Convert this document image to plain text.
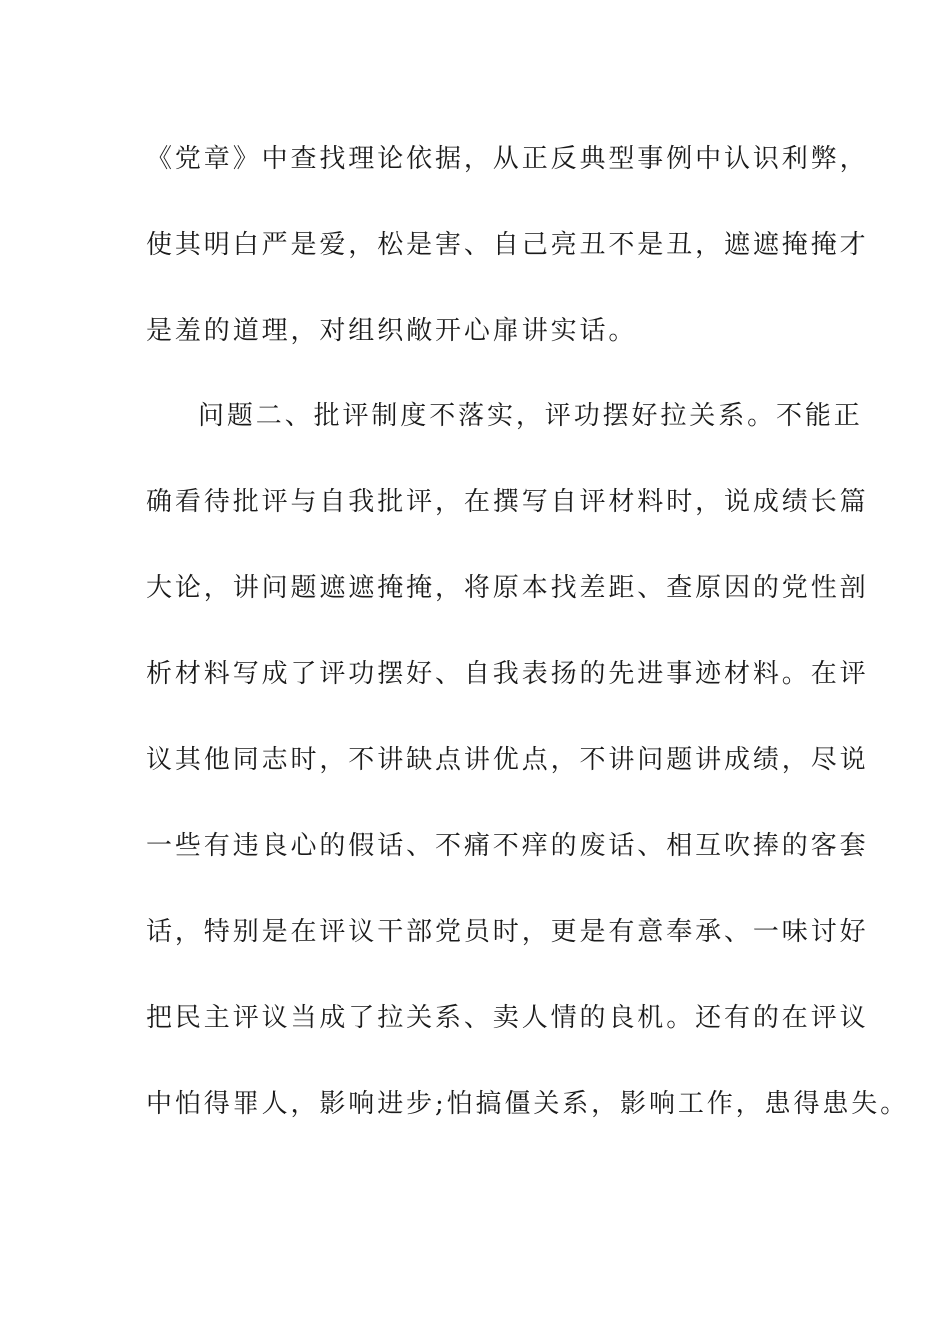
《党章》中查找理论依据，从正反典型事例中认识利弊，
使其明白严是爱，松是害、自己亮丑不是丑，遮遮掩掩才
是羞的道理，对组织敞开心扉讲实话。
问题二、批评制度不落实，评功摆好拉关系。不能正
确看待批评与自我批评，在撰写自评材料时，说成绩长篇
大论，讲问题遮遮掩掩，将原本找差距、查原因的党性剖
析材料写成了评功摆好、自我表扬的先进事迹材料。在评
议其他同志时，不讲缺点讲优点，不讲问题讲成绩，尽说
一些有违良心的假话、不痛不痒的废话、相互吹捧的客套
话，特别是在评议干部党员时，更是有意奉承、一味讨好
把民主评议当成了拉关系、卖人情的良机。还有的在评议
中怕得罪人，影响进步;怕搞僵关系，影响工作，患得患失。
